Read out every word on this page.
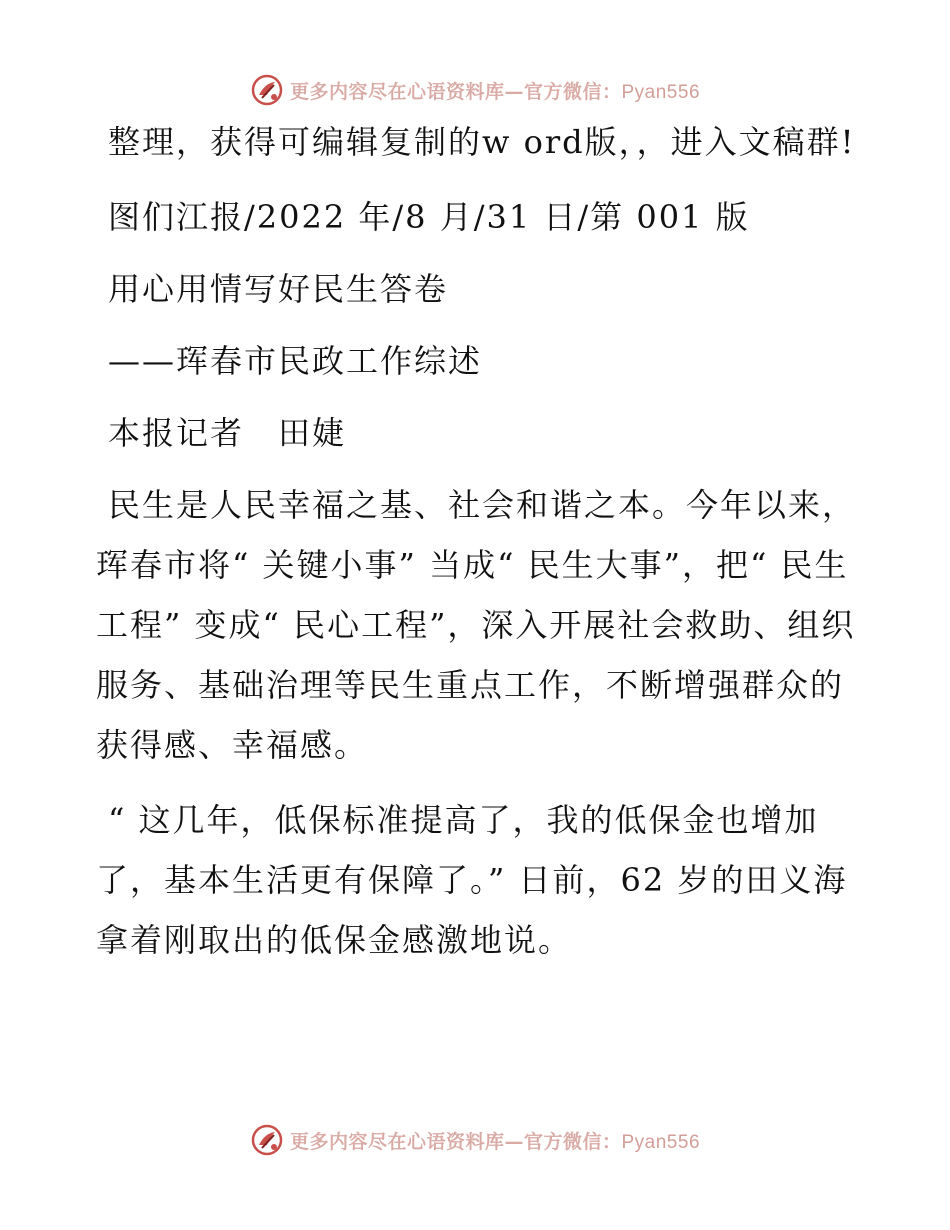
更多内容尽在心语资料库—官方微信：Pyan556

整理，获得可编辑复制的w ord版，，进入文稿群!

图们江报/2022 年/8 月/31 日/第 001 版

用心用情写好民生答卷

——珲春市民政工作综述

本报记者　田婕

民生是人民幸福之基、社会和谐之本。今年以来，珲春市将“ 关键小事” 当成“ 民生大事”，把“ 民生工程” 变成“ 民心工程”，深入开展社会救助、组织服务、基础治理等民生重点工作，不断增强群众的获得感、幸福感。

“ 这几年，低保标准提高了，我的低保金也增加了，基本生活更有保障了。” 日前，62 岁的田义海拿着刚取出的低保金感激地说。

更多内容尽在心语资料库—官方微信：Pyan556
